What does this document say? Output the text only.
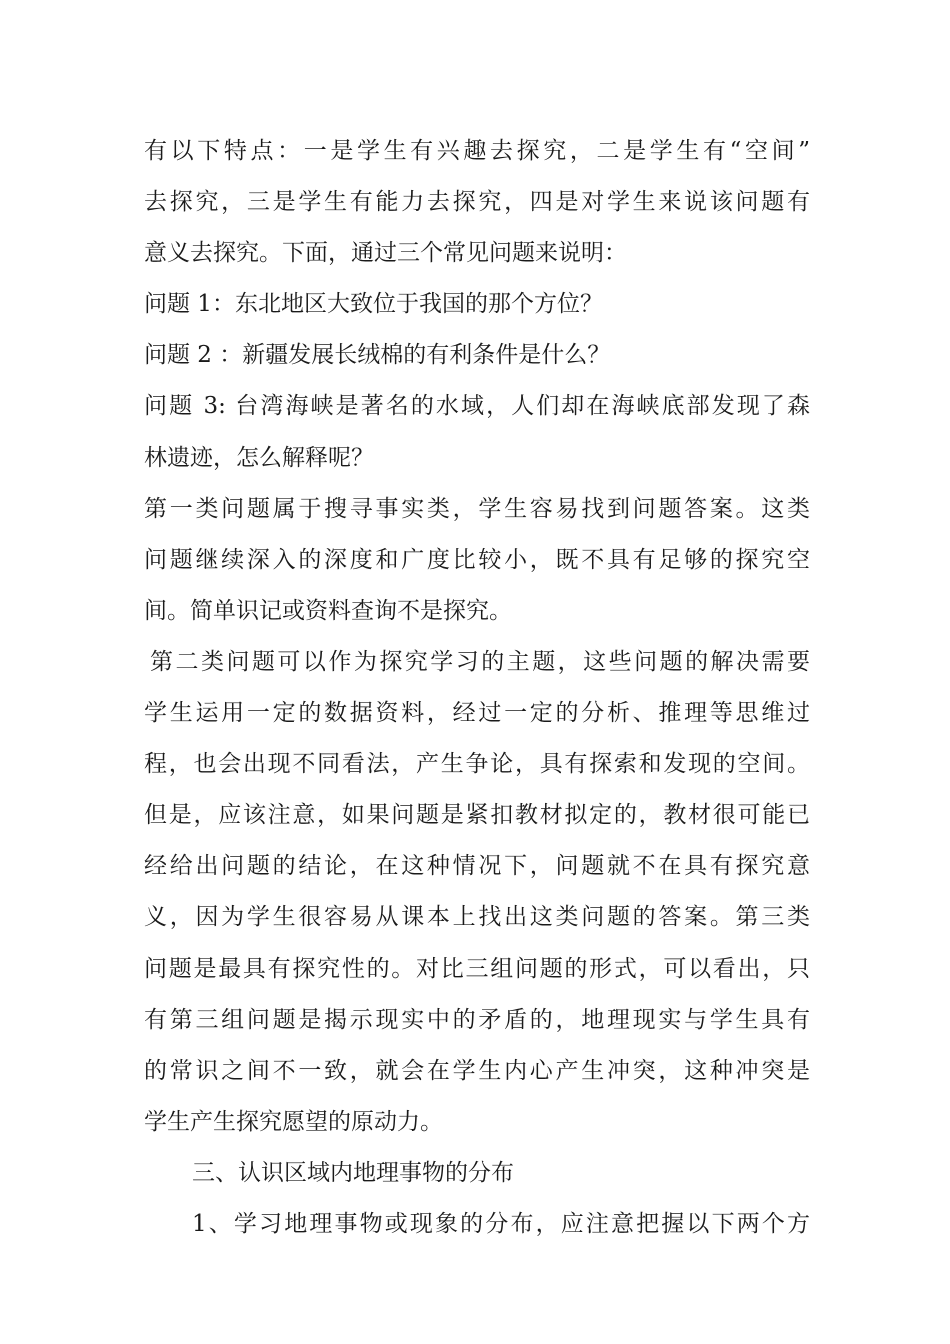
有以下特点：一是学生有兴趣去探究，二是学生有“空间”
去探究，三是学生有能力去探究，四是对学生来说该问题有
意义去探究。下面，通过三个常见问题来说明：
问题 1：东北地区大致位于我国的那个方位？
问题 2 ：新疆发展长绒棉的有利条件是什么？
问题 3: 台湾海峡是著名的水域，人们却在海峡底部发现了森
林遗迹，怎么解释呢？
第一类问题属于搜寻事实类，学生容易找到问题答案。这类
问题继续深入的深度和广度比较小，既不具有足够的探究空
间。简单识记或资料查询不是探究。
第二类问题可以作为探究学习的主题，这些问题的解决需要
学生运用一定的数据资料，经过一定的分析、推理等思维过
程，也会出现不同看法，产生争论，具有探索和发现的空间。
但是，应该注意，如果问题是紧扣教材拟定的，教材很可能已
经给出问题的结论，在这种情况下，问题就不在具有探究意
义，因为学生很容易从课本上找出这类问题的答案。第三类
问题是最具有探究性的。对比三组问题的形式，可以看出，只
有第三组问题是揭示现实中的矛盾的，地理现实与学生具有
的常识之间不一致，就会在学生内心产生冲突，这种冲突是
学生产生探究愿望的原动力。
三、认识区域内地理事物的分布
1、学习地理事物或现象的分布，应注意把握以下两个方
